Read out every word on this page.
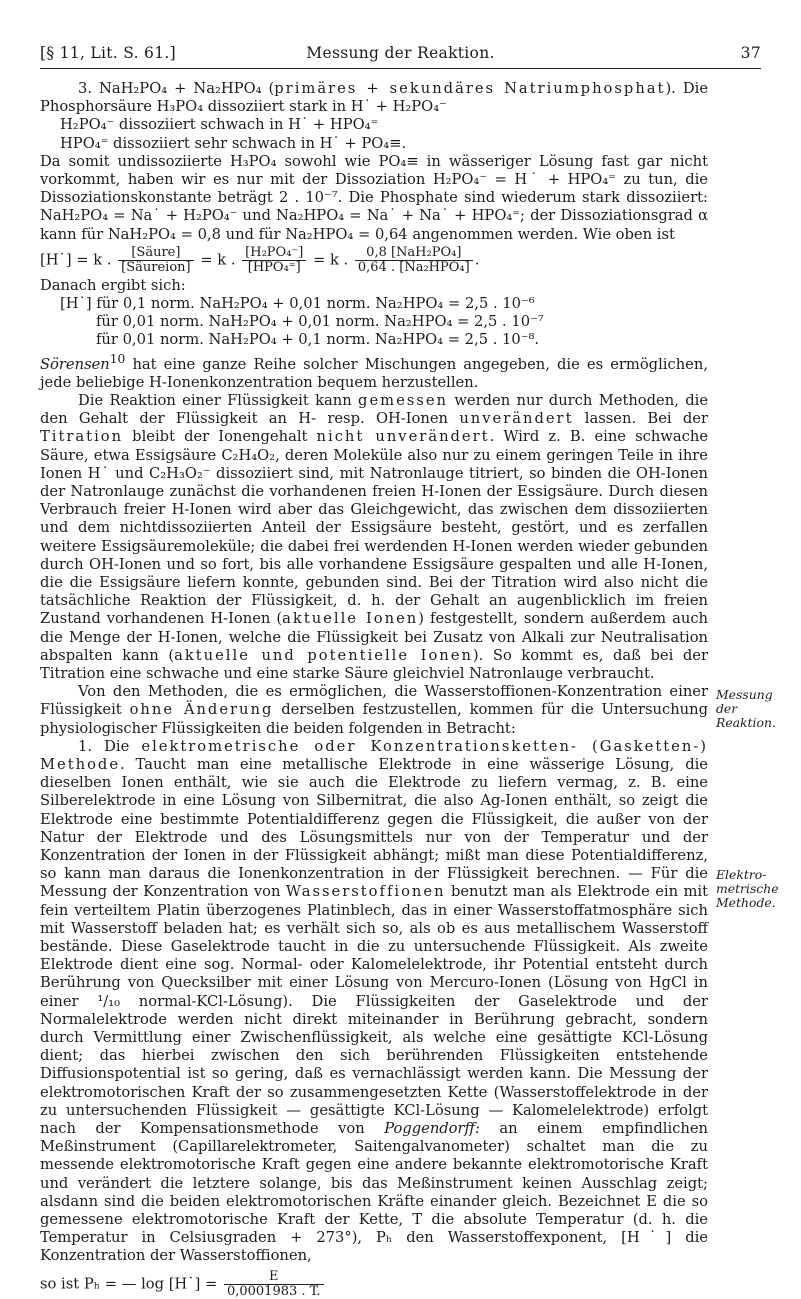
[§ 11, Lit. S. 61.]	Messung der Reaktion.	37
Messung der Reaktion.
Elektro-metrische Methode.

3. NaH₂PO₄ + Na₂HPO₄ (primäres + sekundäres Natriumphosphat). Die Phosphorsäure H₃PO₄ dissoziiert stark in H˙ + H₂PO₄⁻

H₂PO₄⁻ dissoziiert schwach in H˙ + HPO₄⁼
HPO₄⁼ dissoziiert sehr schwach in H˙ + PO₄≡.

Da somit undissoziierte H₃PO₄ sowohl wie PO₄≡ in wässeriger Lösung fast gar nicht vorkommt, haben wir es nur mit der Dissoziation H₂PO₄⁻ = H˙ + HPO₄⁼ zu tun, die Dissoziationskonstante beträgt 2 . 10⁻⁷. Die Phosphate sind wiederum stark dissoziiert: NaH₂PO₄ = Na˙ + H₂PO₄⁻ und Na₂HPO₄ = Na˙ + Na˙ + HPO₄⁼; der Dissoziationsgrad α kann für NaH₂PO₄ = 0,8 und für Na₂HPO₄ = 0,64 angenommen werden. Wie oben ist

[H˙] = k . $\frac{\text{[Säure]}}{\text{[Säureion]}} = k$ . $\frac{\text{[H₂PO₄⁻]}}{\text{[HPO₄⁼]}} = k$ . $\frac{\text{0,8 [NaH₂PO₄]}}{\text{0,64 . [Na₂HPO₄]}}$ .

Danach ergibt sich:

[H˙] für 0,1 norm. NaH₂PO₄ + 0,01 norm. Na₂HPO₄ = 2,5 . 10⁻⁶
für 0,01 norm. NaH₂PO₄ + 0,01 norm. Na₂HPO₄ = 2,5 . 10⁻⁷
für 0,01 norm. NaH₂PO₄ + 0,1 norm. Na₂HPO₄ = 2,5 . 10⁻⁸.

Sörensen$^{10}$ hat eine ganze Reihe solcher Mischungen angegeben, die es ermöglichen, jede beliebige H-Ionenkonzentration bequem herzustellen.

Die Reaktion einer Flüssigkeit kann gemessen werden nur durch Methoden, die den Gehalt der Flüssigkeit an H- resp. OH-Ionen unverändert lassen. Bei der Titration bleibt der Ionengehalt nicht unverändert. Wird z. B. eine schwache Säure, etwa Essigsäure C₂H₄O₂, deren Moleküle also nur zu einem geringen Teile in ihre Ionen H˙ und C₂H₃O₂⁻ dissoziiert sind, mit Natronlauge titriert, so binden die OH-Ionen der Natronlauge zunächst die vorhandenen freien H-Ionen der Essigsäure. Durch diesen Verbrauch freier H-Ionen wird aber das Gleichgewicht, das zwischen dem dissoziierten und dem nichtdissoziierten Anteil der Essigsäure besteht, gestört, und es zerfallen weitere Essigsäuremoleküle; die dabei frei werdenden H-Ionen werden wieder gebunden durch OH-Ionen und so fort, bis alle vorhandene Essigsäure gespalten und alle H-Ionen, die die Essigsäure liefern konnte, gebunden sind. Bei der Titration wird also nicht die tatsächliche Reaktion der Flüssigkeit, d. h. der Gehalt an augenblicklich im freien Zustand vorhandenen H-Ionen (aktuelle Ionen) festgestellt, sondern außerdem auch die Menge der H-Ionen, welche die Flüssigkeit bei Zusatz von Alkali zur Neutralisation abspalten kann (aktuelle und potentielle Ionen). So kommt es, daß bei der Titration eine schwache und eine starke Säure gleichviel Natronlauge verbraucht.

Von den Methoden, die es ermöglichen, die Wasserstoffionen-Konzentration einer Flüssigkeit ohne Änderung derselben festzustellen, kommen für die Untersuchung physiologischer Flüssigkeiten die beiden folgenden in Betracht:

1. Die elektrometrische oder Konzentrationsketten- (Gasketten-) Methode. Taucht man eine metallische Elektrode in eine wässerige Lösung, die dieselben Ionen enthält, wie sie auch die Elektrode zu liefern vermag, z. B. eine Silberelektrode in eine Lösung von Silbernitrat, die also Ag-Ionen enthält, so zeigt die Elektrode eine bestimmte Potentialdifferenz gegen die Flüssigkeit, die außer von der Natur der Elektrode und des Lösungsmittels nur von der Temperatur und der Konzentration der Ionen in der Flüssigkeit abhängt; mißt man diese Potentialdifferenz, so kann man daraus die Ionenkonzentration in der Flüssigkeit berechnen. — Für die Messung der Konzentration von Wasserstoffionen benutzt man als Elektrode ein mit fein verteiltem Platin überzogenes Platinblech, das in einer Wasserstoffatmosphäre sich mit Wasserstoff beladen hat; es verhält sich so, als ob es aus metallischem Wasserstoff bestände. Diese Gaselektrode taucht in die zu untersuchende Flüssigkeit. Als zweite Elektrode dient eine sog. Normal- oder Kalomelelektrode, ihr Potential entsteht durch Berührung von Quecksilber mit einer Lösung von Mercuro-Ionen (Lösung von HgCl in einer ¹/₁₀ normal-KCl-Lösung). Die Flüssigkeiten der Gaselektrode und der Normalelektrode werden nicht direkt miteinander in Berührung gebracht, sondern durch Vermittlung einer Zwischenflüssigkeit, als welche eine gesättigte KCl-Lösung dient; das hierbei zwischen den sich berührenden Flüssigkeiten entstehende Diffusionspotential ist so gering, daß es vernachlässigt werden kann. Die Messung der elektromotorischen Kraft der so zusammengesetzten Kette (Wasserstoffelektrode in der zu untersuchenden Flüssigkeit — gesättigte KCl-Lösung — Kalomelelektrode) erfolgt nach der Kompensationsmethode von Poggendorff: an einem empfindlichen Meßinstrument (Capillarelektrometer, Saitengalvanometer) schaltet man die zu messende elektromotorische Kraft gegen eine andere bekannte elektromotorische Kraft und verändert die letztere solange, bis das Meßinstrument keinen Ausschlag zeigt; alsdann sind die beiden elektromotorischen Kräfte einander gleich. Bezeichnet E die so gemessene elektromotorische Kraft der Kette, T die absolute Temperatur (d. h. die Temperatur in Celsiusgraden + 273°), Pₕ den Wasserstoffexponent, [H˙] die Konzentration der Wasserstoffionen,

so ist Pₕ = — log [H˙] = $\frac{E}{0,0001983 . T.}$
